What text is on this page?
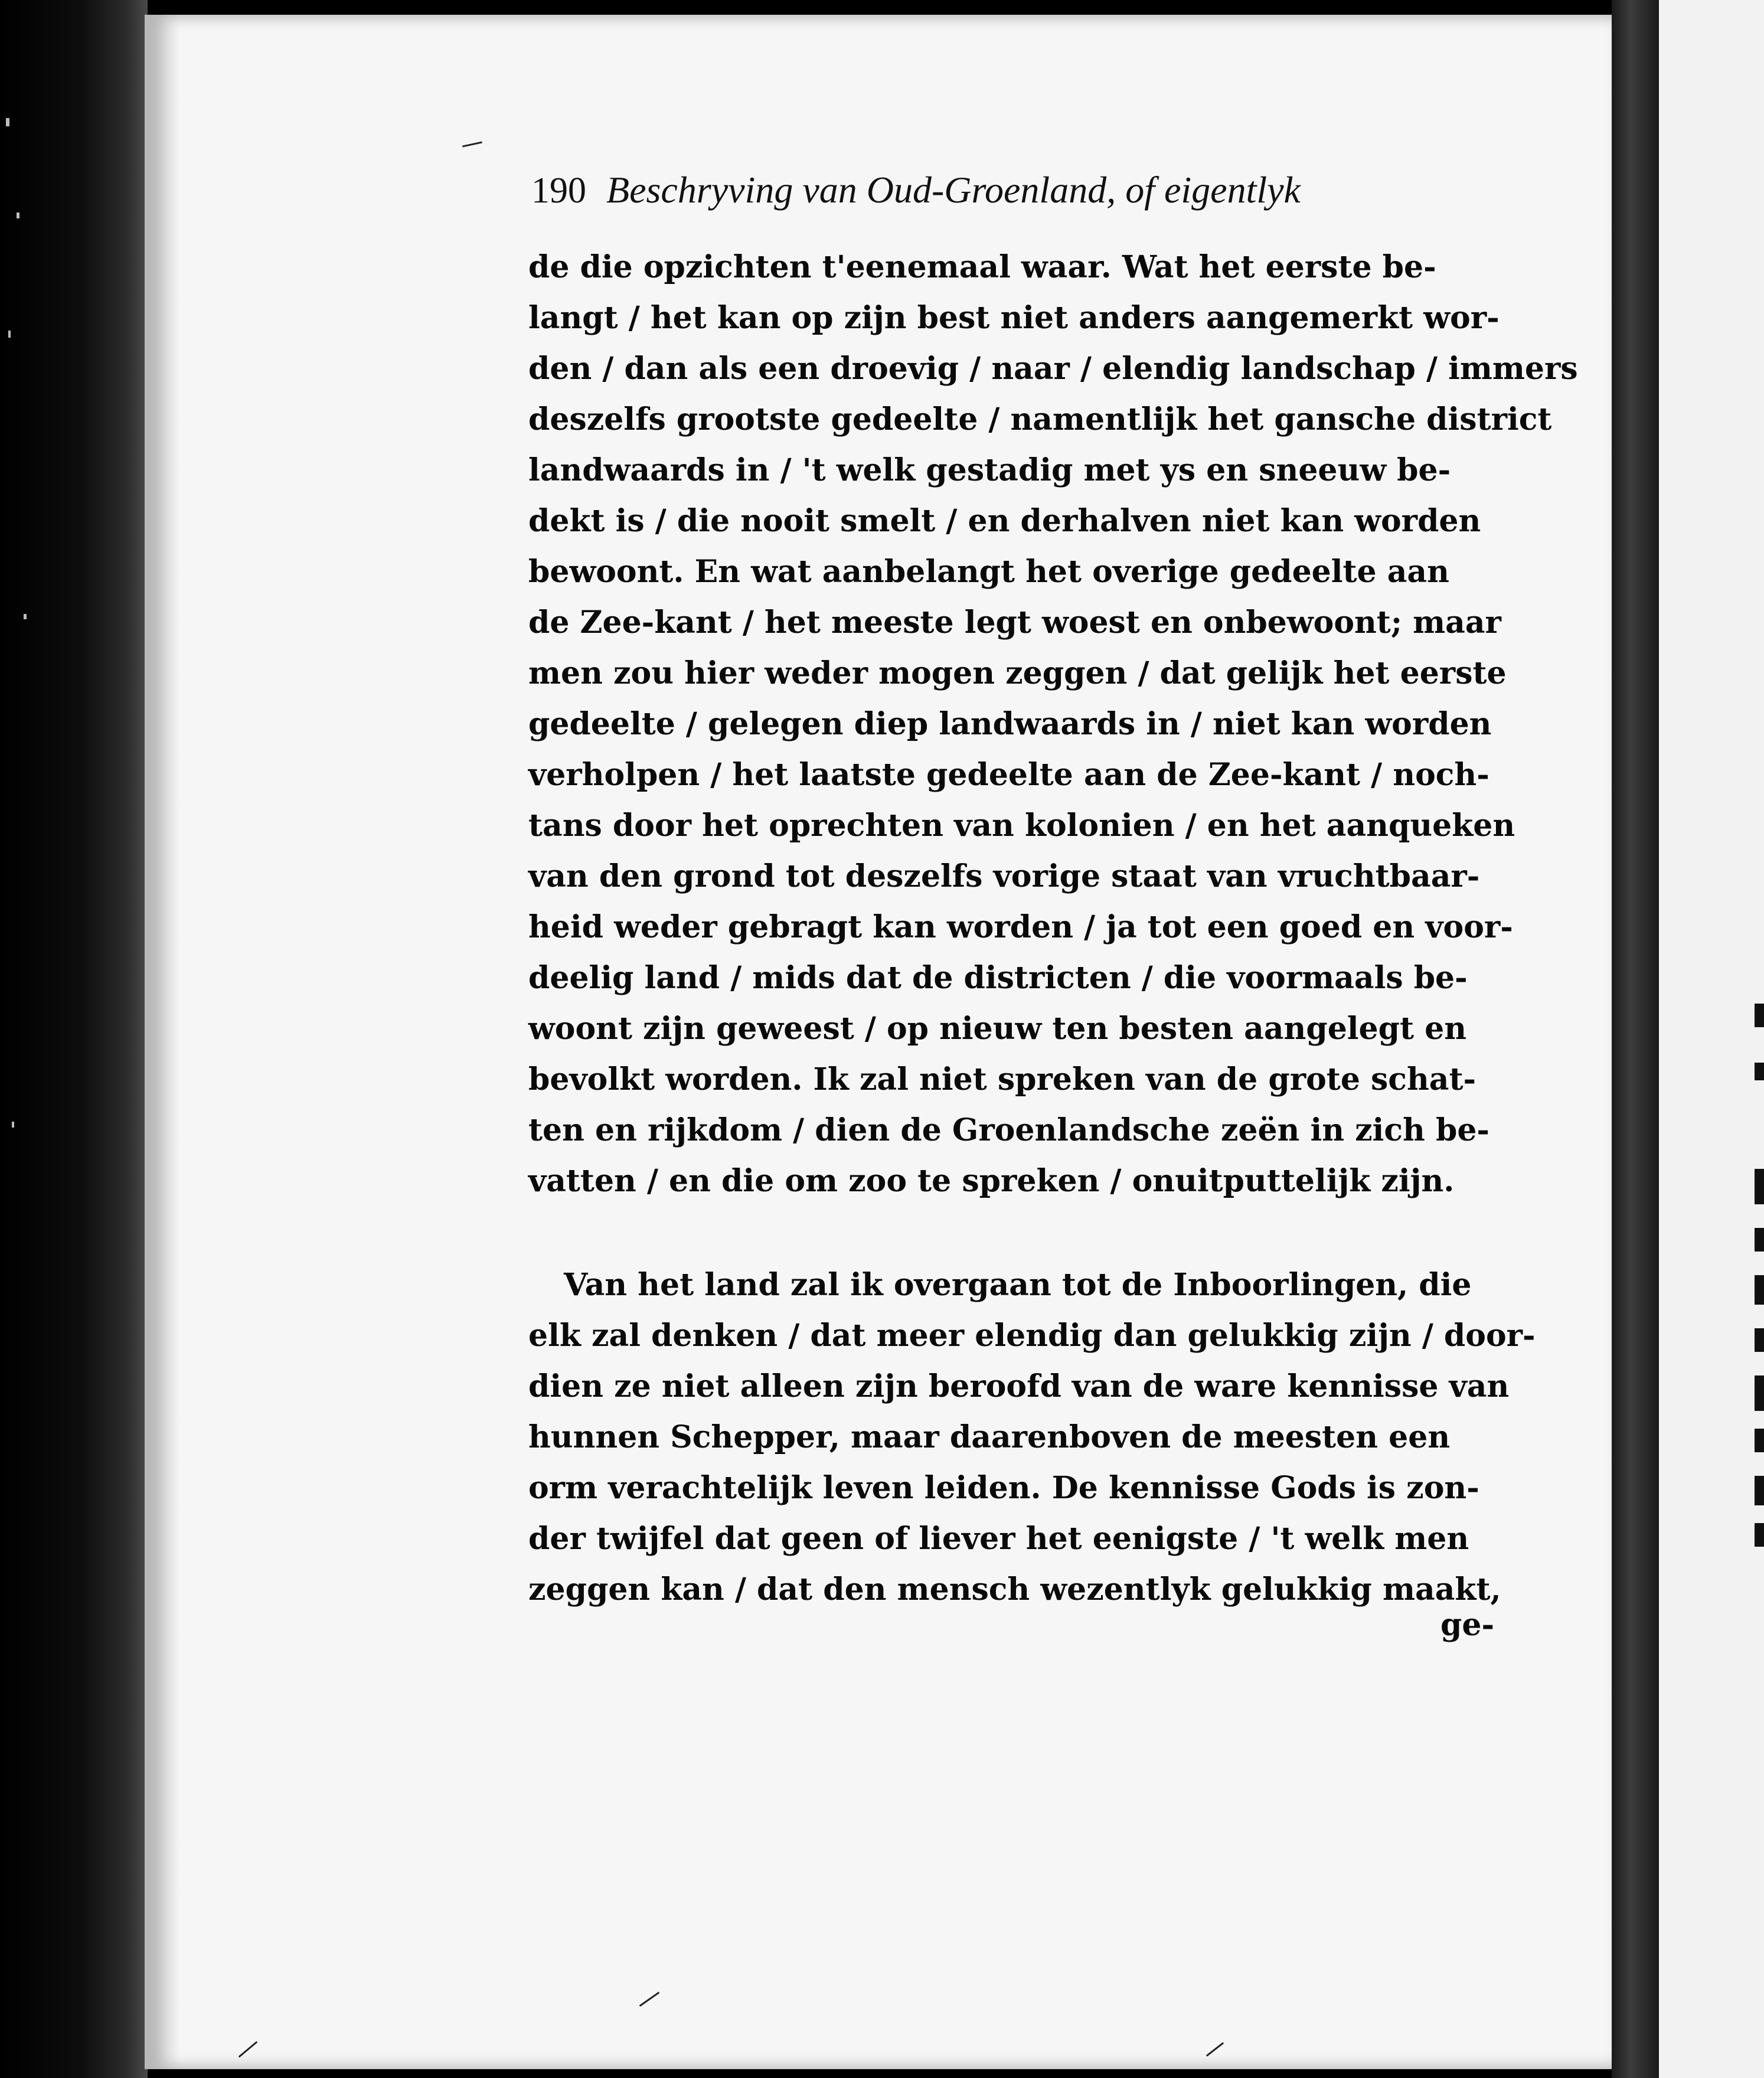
190 Beschryving van Oud-Groenland, of eigentlyk
de die opzichten t'eenemaal waar. Wat het eerste be-
langt / het kan op zijn best niet anders aangemerkt wor-
den / dan als een droevig / naar / elendig landschap / immers
deszelfs grootste gedeelte / namentlijk het gansche district
landwaards in / 't welk gestadig met ys en sneeuw be-
dekt is / die nooit smelt / en derhalven niet kan worden
bewoont. En wat aanbelangt het overige gedeelte aan
de Zee-kant / het meeste legt woest en onbewoont; maar
men zou hier weder mogen zeggen / dat gelijk het eerste
gedeelte / gelegen diep landwaards in / niet kan worden
verholpen / het laatste gedeelte aan de Zee-kant / noch-
tans door het oprechten van kolonien / en het aanqueken
van den grond tot deszelfs vorige staat van vruchtbaar-
heid weder gebragt kan worden / ja tot een goed en voor-
deelig land / mids dat de districten / die voormaals be-
woont zijn geweest / op nieuw ten besten aangelegt en
bevolkt worden. Ik zal niet spreken van de grote schat-
ten en rijkdom / dien de Groenlandsche zeën in zich be-
vatten / en die om zoo te spreken / onuitputtelijk zijn.
Van het land zal ik overgaan tot de Inboorlingen, die
elk zal denken / dat meer elendig dan gelukkig zijn / door-
dien ze niet alleen zijn beroofd van de ware kennisse van
hunnen Schepper, maar daarenboven de meesten een
orm verachtelijk leven leiden. De kennisse Gods is zon-
der twijfel dat geen of liever het eenigste / 't welk men
zeggen kan / dat den mensch wezentlyk gelukkig maakt,
ge-
